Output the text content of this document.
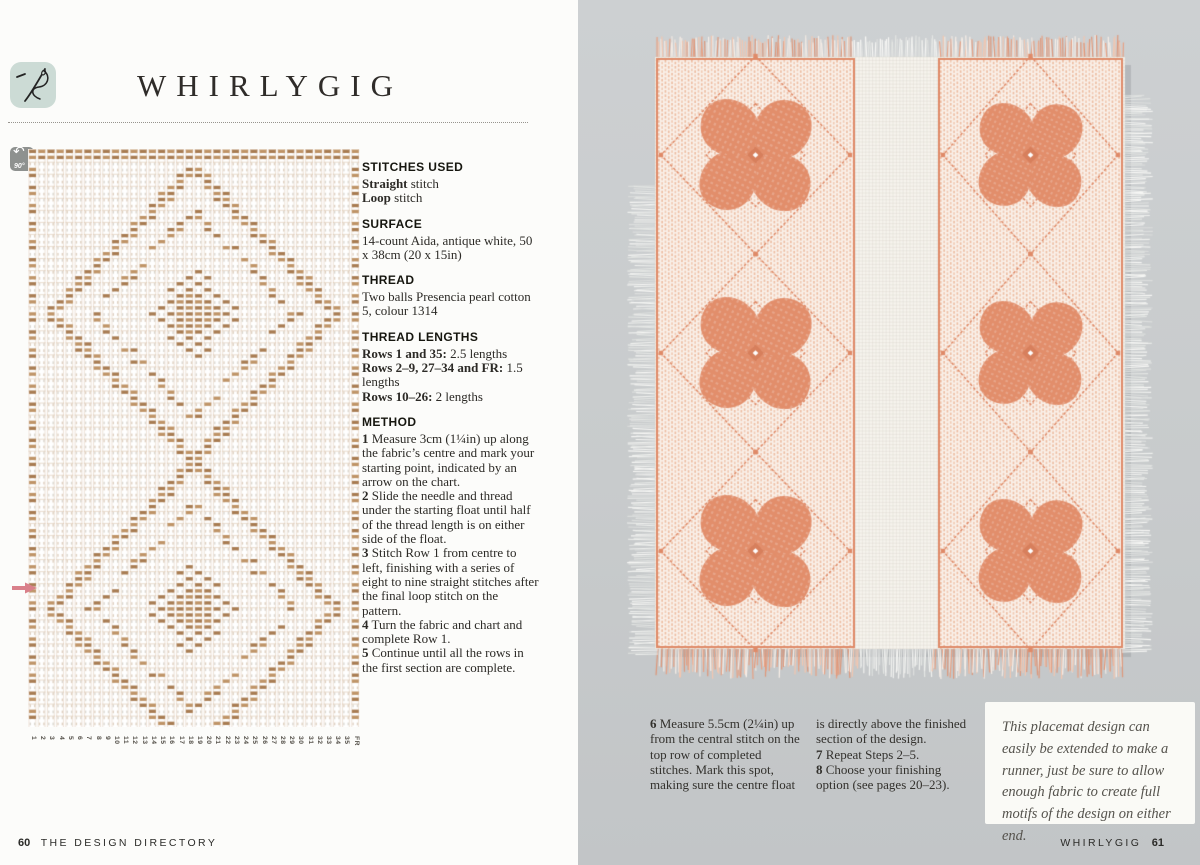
WHIRLYGIG
↶
90°
1 2 3 4 5 6 7 8 9 10 11 12 13 14 15 16 17 18 19 20 21 22 23 24 25 26 27 28 29 30 31 32 33 34 35 FR
STITCHES USED
Straight stitch
Loop stitch
SURFACE
14-count Aida, antique white, 50 x 38cm (20 x 15in)
THREAD
Two balls Presencia pearl cotton 5, colour 1314
THREAD LENGTHS
Rows 1 and 35: 2.5 lengths
Rows 2–9, 27–34 and FR: 1.5 lengths
Rows 10–26: 2 lengths
METHOD
1 Measure 3cm (1¼in) up along the fabric’s centre and mark your starting point, indicated by an arrow on the chart.
2 Slide the needle and thread under the starting float until half of the thread length is on either side of the float.
3 Stitch Row 1 from centre to left, finishing with a series of eight to nine straight stitches after the final loop stitch on the pattern.
4 Turn the fabric and chart and complete Row 1.
5 Continue until all the rows in the first section are complete.
60 THE DESIGN DIRECTORY
6 Measure 5.5cm (2¼in) up from the central stitch on the top row of completed stitches. Mark this spot, making sure the centre float
is directly above the finished section of the design.
7 Repeat Steps 2–5.
8 Choose your finishing option (see pages 20–23).
This placemat design can easily be extended to make a runner, just be sure to allow enough fabric to create full motifs of the design on either end.	WHIRLYGIG 61
